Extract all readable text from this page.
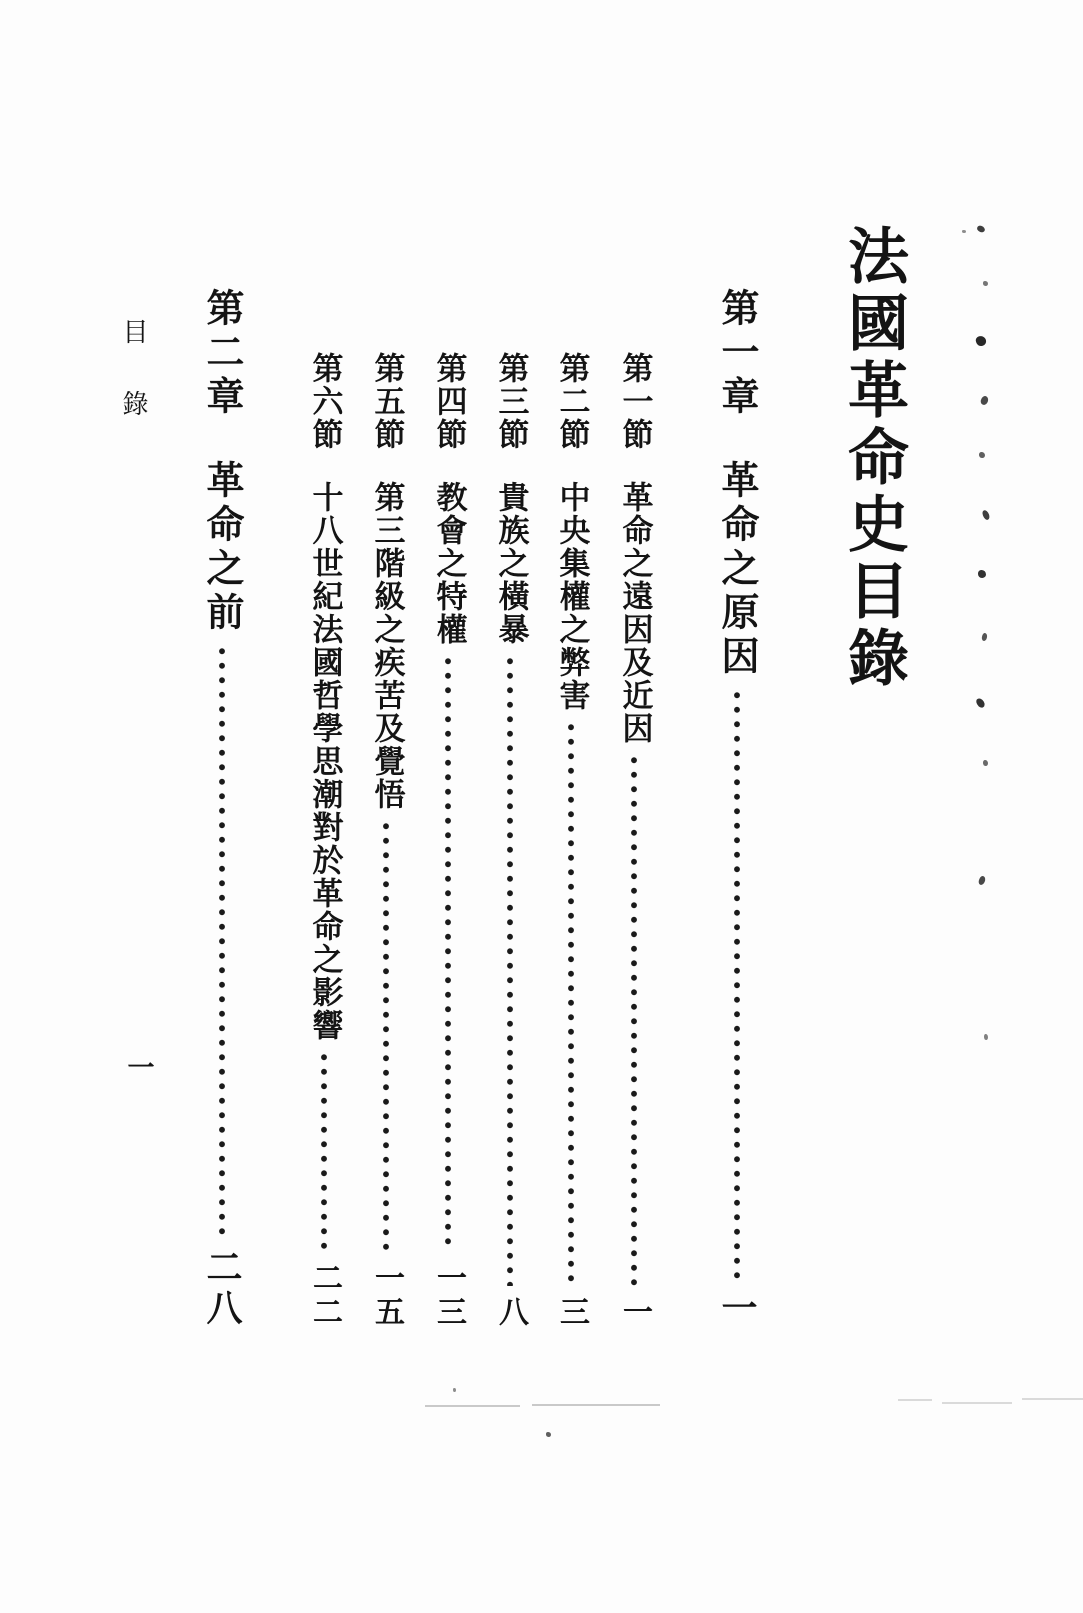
法國革命史目錄
第一章
革命之原因
一
第一節
革命之遠因及近因
一
第二節
中央集權之弊害
三
第三節
貴族之橫暴
八
第四節
教會之特權
一三
第五節
第三階級之疾苦及覺悟
一五
第六節
十八世紀法國哲學思潮對於革命之影響
二二
第二章
革命之前
二八
目錄
一
